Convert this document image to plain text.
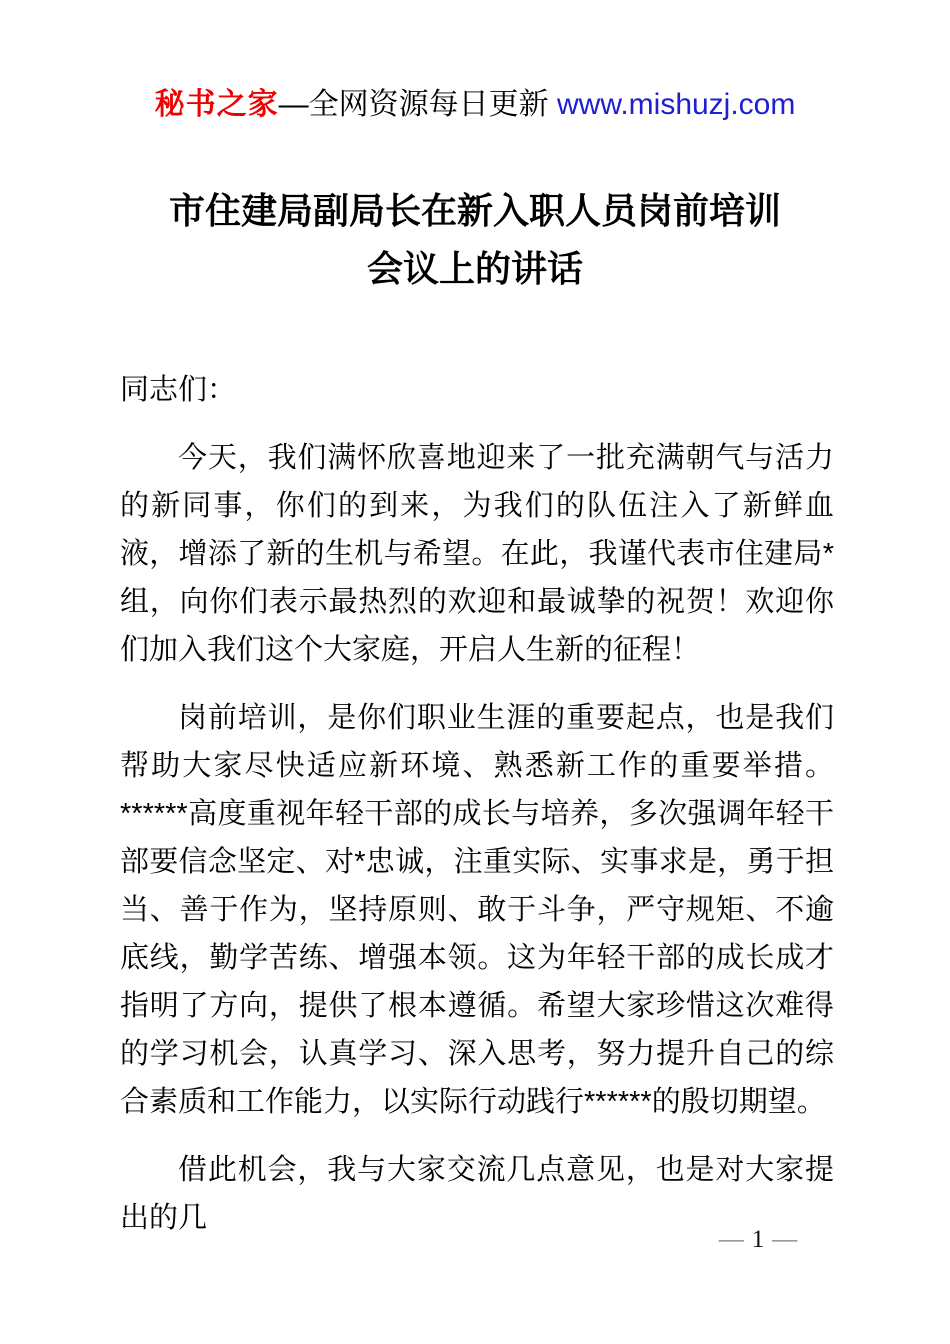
秘书之家—全网资源每日更新 www.mishuzj.com
市住建局副局长在新入职人员岗前培训
会议上的讲话

同志们：

今天，我们满怀欣喜地迎来了一批充满朝气与活力的新同事，你们的到来，为我们的队伍注入了新鲜血液，增添了新的生机与希望。在此，我谨代表市住建局*组，向你们表示最热烈的欢迎和最诚挚的祝贺！欢迎你们加入我们这个大家庭，开启人生新的征程！

岗前培训，是你们职业生涯的重要起点，也是我们帮助大家尽快适应新环境、熟悉新工作的重要举措。******高度重视年轻干部的成长与培养，多次强调年轻干部要信念坚定、对*忠诚，注重实际、实事求是，勇于担当、善于作为，坚持原则、敢于斗争，严守规矩、不逾底线，勤学苦练、增强本领。这为年轻干部的成长成才指明了方向，提供了根本遵循。希望大家珍惜这次难得的学习机会，认真学习、深入思考，努力提升自己的综合素质和工作能力，以实际行动践行******的殷切期望。

借此机会，我与大家交流几点意见，也是对大家提出的几

— 1 —
